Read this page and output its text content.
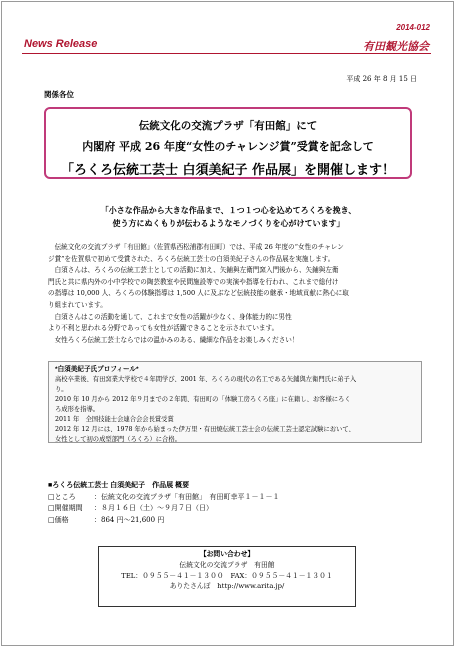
2014-012
News Release	有田観光協会
平成 26 年 8 月 15 日
関係各位
伝統文化の交流プラザ「有田館」にて
内閣府 平成 26 年度“女性のチャレンジ賞”受賞を記念して
「ろくろ伝統工芸士 白須美紀子 作品展」を開催します！
「小さな作品から大きな作品まで、１つ１つ心を込めてろくろを挽き、
使う方にぬくもりが伝わるようなモノづくりを心がけています」

伝統文化の交流プラザ「有田館」（佐賀県西松浦郡有田町）では、平成 26 年度の“女性のチャレン

ジ賞”を佐賀県で初めて受賞された、ろくろ伝統工芸士の白須美紀子さんの作品展を実施します。

白須さんは、ろくろの伝統工芸士としての活動に加え、矢鋪與左衛門窯入門後から、矢鋪與左衛

門氏と共に県内外の小中学校での陶芸教室や民間施設等での実演や指導を行われ、これまで総付け

の指導は 10,000 人、ろくろの体験指導は 1,500 人に及ぶなど伝統技能の継承・地域貢献に熱心に取

り組まれています。

白須さんはこの活動を通して、これまで女性の活躍が少なく、身体能力的に男性

より不利と思われる分野であっても女性が活躍できることを示されています。

女性ろくろ伝統工芸士ならではの温かみのある、繊細な作品をお楽しみください！

*白須美紀子氏プロフィール*
高校卒業後、有田窯業大学校で４年間学び、2001 年、ろくろの現代の名工である矢鋪與左衛門氏に弟子入
り。
2010 年 10 月から 2012 年９月までの２年間、有田町の「体験工房ろくろ座」に在籍し、お客様にろく
ろ成形を指導。
2011 年　全国技能士会連合会会長賞受賞
2012 年 12 月には、1978 年から始まった伊万里・有田焼伝統工芸士会の伝統工芸士認定試験において、
女性として初の成型部門（ろくろ）に合格。
■ろくろ伝統工芸士 白須美紀子　作品展 概要
□ところ	：伝統文化の交流プラザ「有田館」　有田町幸平１－１－１
□開催期間 ：８月１６日（土）～９月７日（日）
□価格	：864 円～21,600 円
【お問い合わせ】
伝統文化の交流プラザ　有田館
TEL：０９５５－４１－１３００　FAX：０９５５－４１－１３０１
ありたさんぽ　http://www.arita.jp/
